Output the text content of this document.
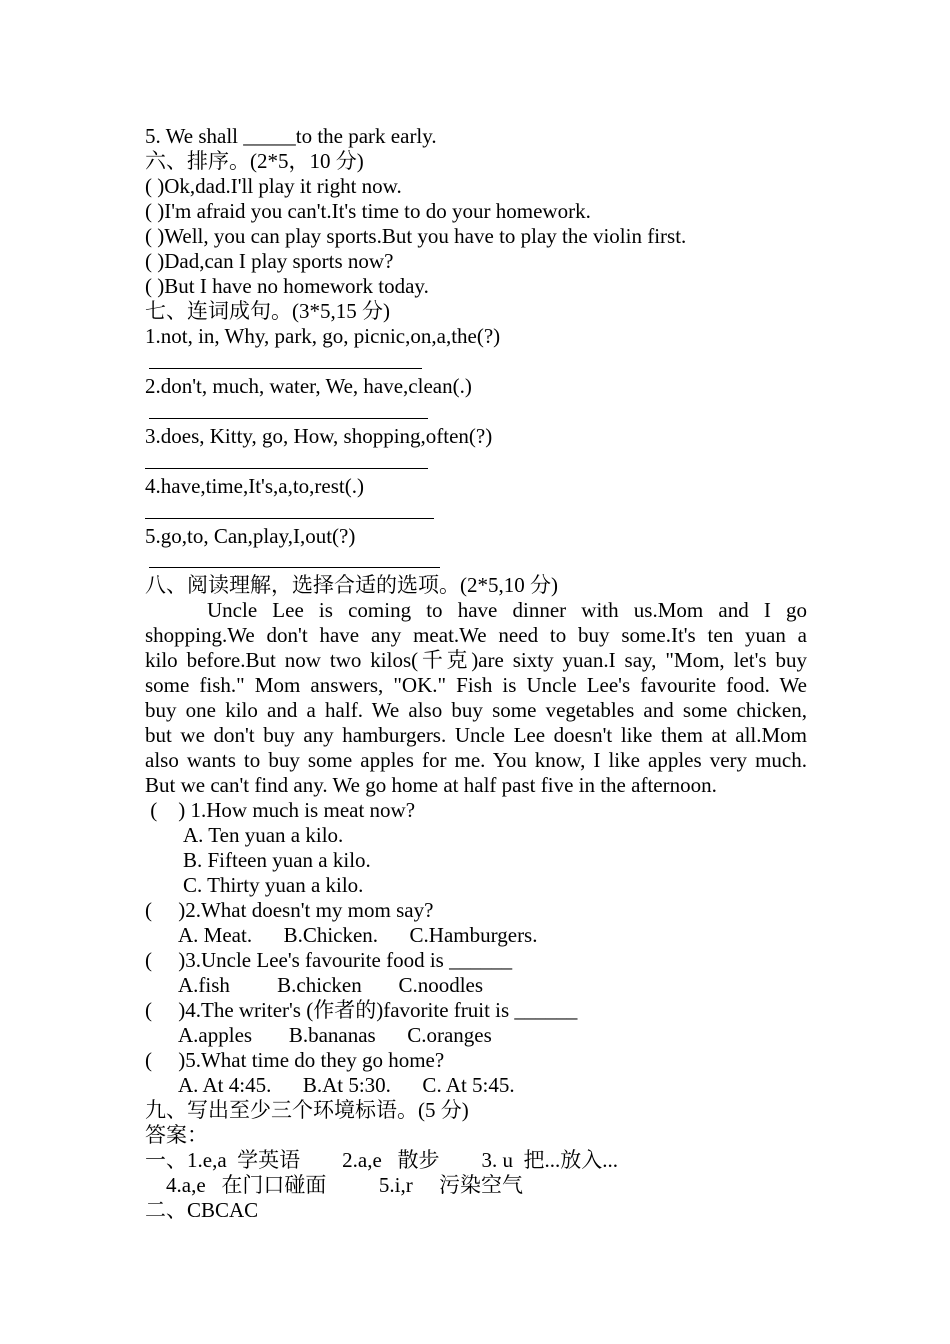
5. We shall _____to the park early.
六、排序。(2*5，10 分)
( )Ok,dad.I'll play it right now.
( )I'm afraid you can't.It's time to do your homework.
( )Well, you can play sports.But you have to play the violin first.
( )Dad,can I play sports now?
( )But I have no homework today.
七、连词成句。(3*5,15 分)
1.not, in, Why, park, go, picnic,on,a,the(?)
2.don't, much, water, We, have,clean(.)
3.does, Kitty, go, How, shopping,often(?)
4.have,time,It's,a,to,rest(.)
5.go,to, Can,play,I,out(?)
八、阅读理解，选择合适的选项。(2*5,10 分)
Uncle Lee is coming to have dinner with us.Mom and I go
shopping.We don't have any meat.We need to buy some.It's ten yuan a
kilo before.But now two kilos(千克)are sixty yuan.I say, "Mom, let's buy
some fish." Mom answers, "OK." Fish is Uncle Lee's favourite food. We
buy one kilo and a half. We also buy some vegetables and some chicken,
but we don't buy any hamburgers. Uncle Lee doesn't like them at all.Mom
also wants to buy some apples for me. You know, I like apples very much.
But we can't find any. We go home at half past five in the afternoon.
(    ) 1.How much is meat now?
A. Ten yuan a kilo.
B. Fifteen yuan a kilo.
C. Thirty yuan a kilo.
(     )2.What doesn't my mom say?
A. Meat.      B.Chicken.      C.Hamburgers.
(     )3.Uncle Lee's favourite food is ______
A.fish         B.chicken       C.noodles
(     )4.The writer's (作者的)favorite fruit is ______
A.apples       B.bananas      C.oranges
(     )5.What time do they go home?
A. At 4:45.      B.At 5:30.      C. At 5:45.
九、写出至少三个环境标语。(5 分)
答案：
一、1.e,a  学英语        2.a,e   散步        3. u  把...放入...
4.a,e   在门口碰面          5.i,r     污染空气
二、CBCAC
